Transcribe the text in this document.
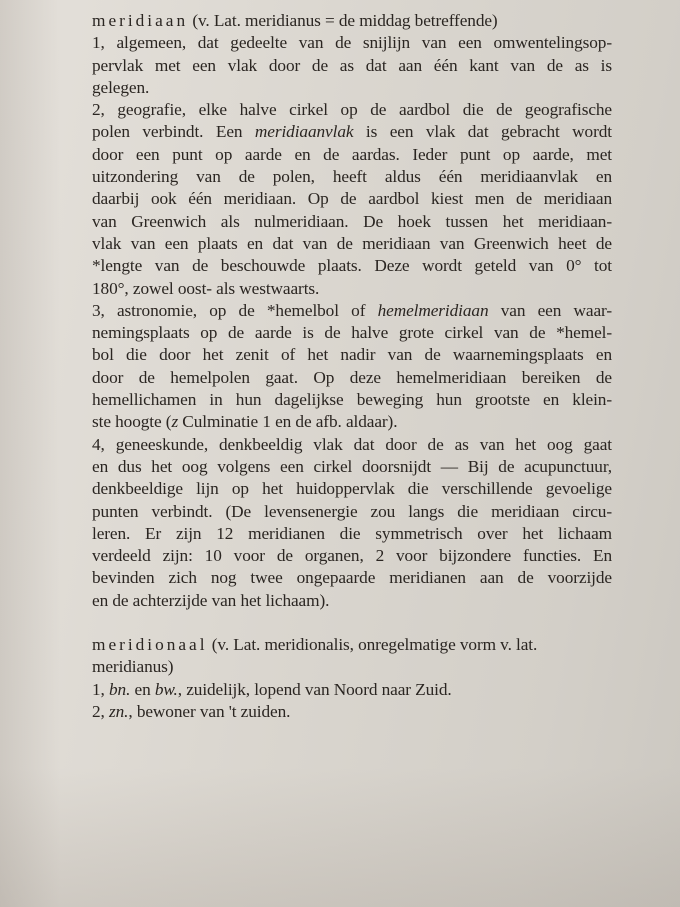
meridiaan (v. Lat. meridianus = de middag betreffende)
1, algemeen, dat gedeelte van de snijlijn van een omwentelingsop-
pervlak met een vlak door de as dat aan één kant van de as is
gelegen.
2, geografie, elke halve cirkel op de aardbol die de geografische
polen verbindt. Een meridiaanvlak is een vlak dat gebracht wordt
door een punt op aarde en de aardas. Ieder punt op aarde, met
uitzondering van de polen, heeft aldus één meridiaanvlak en
daarbij ook één meridiaan. Op de aardbol kiest men de meridiaan
van Greenwich als nulmeridiaan. De hoek tussen het meridiaan-
vlak van een plaats en dat van de meridiaan van Greenwich heet de
*lengte van de beschouwde plaats. Deze wordt geteld van 0° tot
180°, zowel oost- als westwaarts.
3, astronomie, op de *hemelbol of hemelmeridiaan van een waar-
nemingsplaats op de aarde is de halve grote cirkel van de *hemel-
bol die door het zenit of het nadir van de waarnemingsplaats en
door de hemelpolen gaat. Op deze hemelmeridiaan bereiken de
hemellichamen in hun dagelijkse beweging hun grootste en klein-
ste hoogte (z Culminatie 1 en de afb. aldaar).
4, geneeskunde, denkbeeldig vlak dat door de as van het oog gaat
en dus het oog volgens een cirkel doorsnijdt — Bij de acupunctuur,
denkbeeldige lijn op het huidoppervlak die verschillende gevoelige
punten verbindt. (De levensenergie zou langs die meridiaan circu-
leren. Er zijn 12 meridianen die symmetrisch over het lichaam
verdeeld zijn: 10 voor de organen, 2 voor bijzondere functies. En
bevinden zich nog twee ongepaarde meridianen aan de voorzijde
en de achterzijde van het lichaam).
meridionaal (v. Lat. meridionalis, onregelmatige vorm v. lat.
meridianus)
1, bn. en bw., zuidelijk, lopend van Noord naar Zuid.
2, zn., bewoner van 't zuiden.
